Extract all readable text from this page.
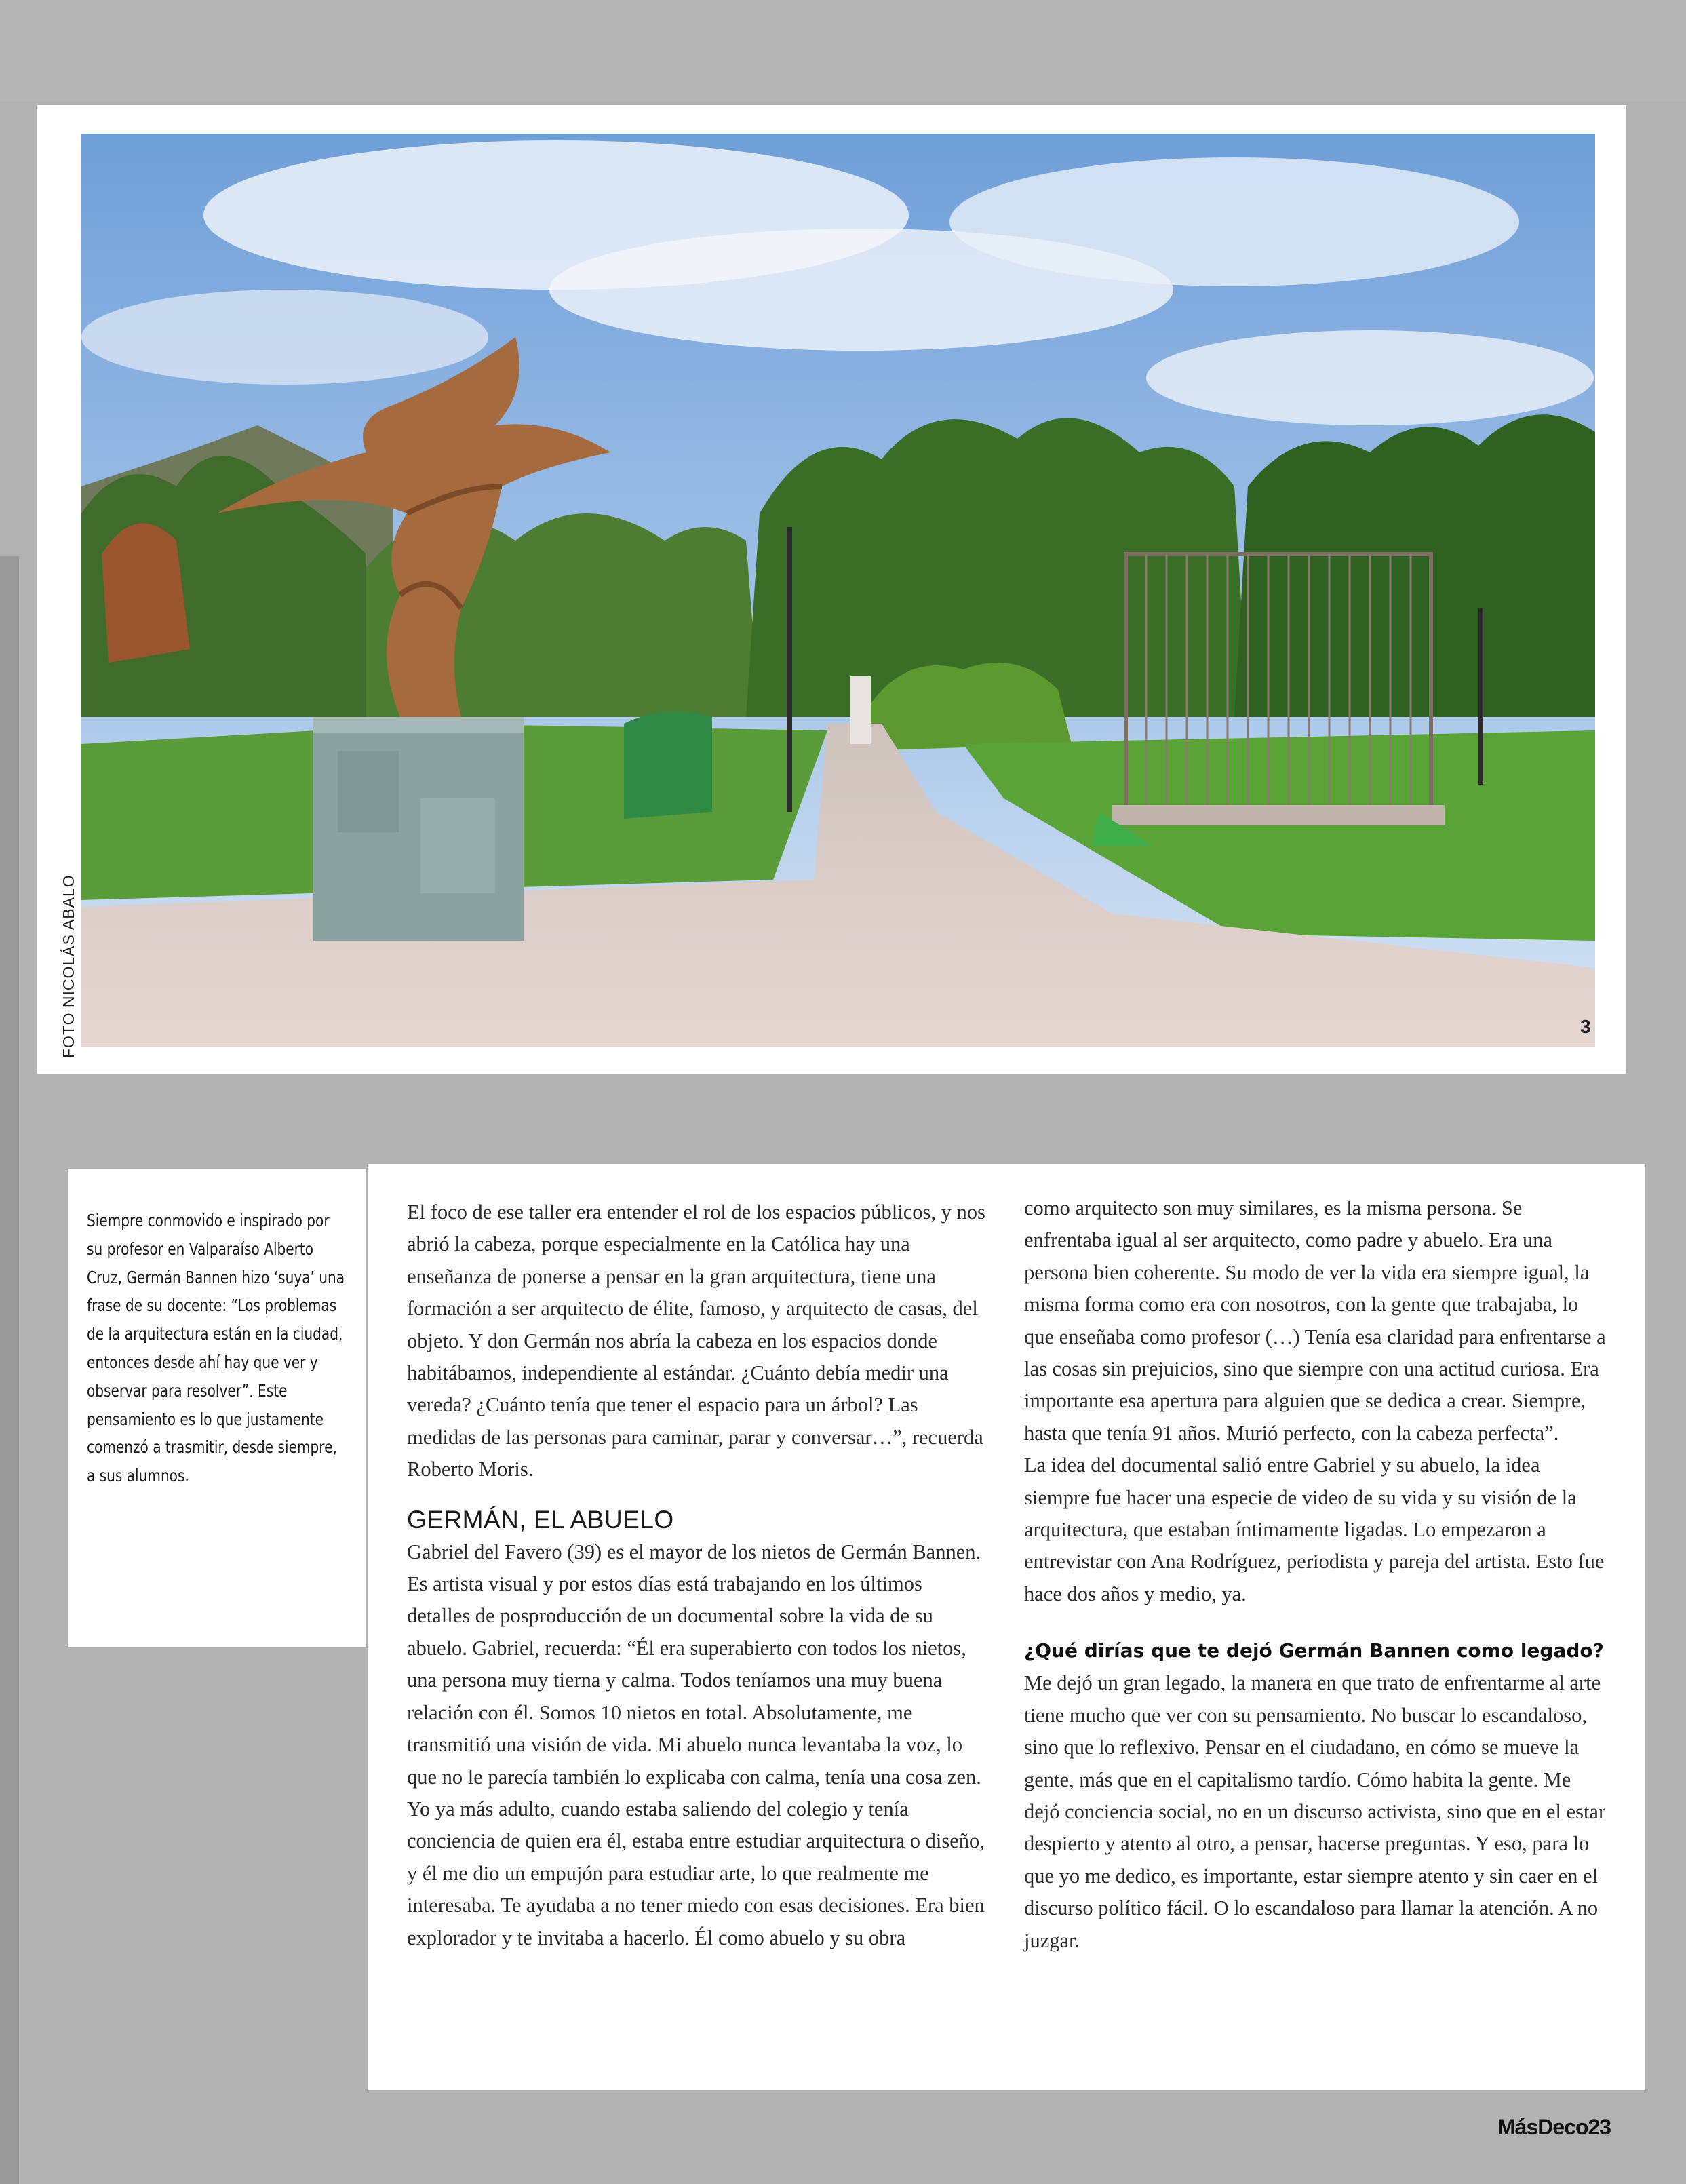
FOTO NICOLÁS ABALO	3
Siempre conmovido e inspirado por su profesor en Valparaíso Alberto Cruz, Germán Bannen hizo ‘suya’ una frase de su docente: “Los problemas de la arquitectura están en la ciudad, entonces desde ahí hay que ver y observar para resolver”. Este pensamiento es lo que justamente comenzó a trasmitir, desde siempre, a sus alumnos.

El foco de ese taller era entender el rol de los espacios públicos, y nos abrió la cabeza, porque especialmente en la Católica hay una enseñanza de ponerse a pensar en la gran arquitectura, tiene una formación a ser arquitecto de élite, famoso, y arquitecto de casas, del objeto. Y don Germán nos abría la cabeza en los espacios donde habitábamos, independiente al estándar. ¿Cuánto debía medir una vereda? ¿Cuánto tenía que tener el espacio para un árbol? Las medidas de las personas para caminar, parar y conversar…”, recuerda Roberto Moris.

GERMÁN, EL ABUELO

Gabriel del Favero (39) es el mayor de los nietos de Germán Bannen. Es artista visual y por estos días está trabajando en los últimos detalles de posproducción de un documental sobre la vida de su abuelo. Gabriel, recuerda: “Él era superabierto con todos los nietos, una persona muy tierna y calma. Todos teníamos una muy buena relación con él. Somos 10 nietos en total. Absolutamente, me transmitió una visión de vida. Mi abuelo nunca levantaba la voz, lo que no le parecía también lo explicaba con calma, tenía una cosa zen. Yo ya más adulto, cuando estaba saliendo del colegio y tenía conciencia de quien era él, estaba entre estudiar arquitectura o diseño, y él me dio un empujón para estudiar arte, lo que realmente me interesaba. Te ayudaba a no tener miedo con esas decisiones. Era bien explorador y te invitaba a hacerlo. Él como abuelo y su obra

como arquitecto son muy similares, es la misma persona. Se enfrentaba igual al ser arquitecto, como padre y abuelo. Era una persona bien coherente. Su modo de ver la vida era siempre igual, la misma forma como era con nosotros, con la gente que trabajaba, lo que enseñaba como profesor (…) Tenía esa claridad para enfrentarse a las cosas sin prejuicios, sino que siempre con una actitud curiosa. Era importante esa apertura para alguien que se dedica a crear. Siempre, hasta que tenía 91 años. Murió perfecto, con la cabeza perfecta”.

La idea del documental salió entre Gabriel y su abuelo, la idea siempre fue hacer una especie de video de su vida y su visión de la arquitectura, que estaban íntimamente ligadas. Lo empezaron a entrevistar con Ana Rodríguez, periodista y pareja del artista. Esto fue hace dos años y medio, ya.

¿Qué dirías que te dejó Germán Bannen como legado?

Me dejó un gran legado, la manera en que trato de enfrentarme al arte tiene mucho que ver con su pensamiento. No buscar lo escandaloso, sino que lo reflexivo. Pensar en el ciudadano, en cómo se mueve la gente, más que en el capitalismo tardío. Cómo habita la gente. Me dejó conciencia social, no en un discurso activista, sino que en el estar despierto y atento al otro, a pensar, hacerse preguntas. Y eso, para lo que yo me dedico, es importante, estar siempre atento y sin caer en el discurso político fácil. O lo escandaloso para llamar la atención. A no juzgar.

MásDeco23
